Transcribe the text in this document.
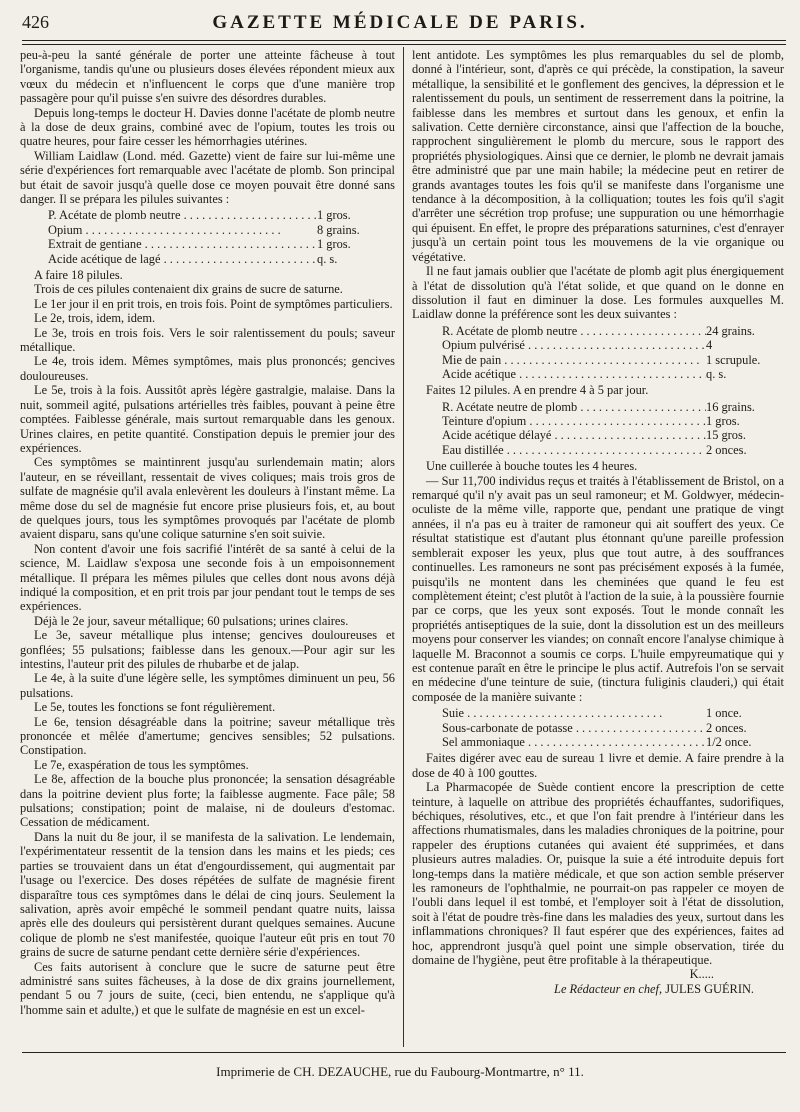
426	GAZETTE MÉDICALE DE PARIS.

peu-à-peu la santé générale de porter une atteinte fâcheuse à tout l'organisme, tandis qu'une ou plusieurs doses élevées répondent mieux aux vœux du médecin et n'influencent le corps que d'une manière trop passagère pour qu'il puisse s'en suivre des désordres durables.

Depuis long-temps le docteur H. Davies donne l'acétate de plomb neutre à la dose de deux grains, combiné avec de l'opium, toutes les trois ou quatre heures, pour faire cesser les hémorrhagies utérines.

William Laidlaw (Lond. méd. Gazette) vient de faire sur lui-même une série d'expériences fort remarquable avec l'acétate de plomb. Son principal but était de savoir jusqu'à quelle dose ce moyen pouvait être donné sans danger. Il se prépara les pilules suivantes :

P. Acétate de plomb neutre . . .	1 gros.
Opium . . .	8 grains.
Extrait de gentiane . . .	1 gros.
Acide acétique de lagé . . .	q. s.

A faire 18 pilules.

Trois de ces pilules contenaient dix grains de sucre de saturne.

Le 1er jour il en prit trois, en trois fois. Point de symptômes particuliers.

Le 2e, trois, idem, idem.

Le 3e, trois en trois fois. Vers le soir ralentissement du pouls; saveur métallique.

Le 4e, trois idem. Mêmes symptômes, mais plus prononcés; gencives douloureuses.

Le 5e, trois à la fois. Aussitôt après légère gastralgie, malaise. Dans la nuit, sommeil agité, pulsations artérielles très faibles, pouvant à peine être comptées. Faiblesse générale, mais surtout remarquable dans les genoux. Urines claires, en petite quantité. Constipation depuis le premier jour des expériences.

Ces symptômes se maintinrent jusqu'au surlendemain matin; alors l'auteur, en se réveillant, ressentait de vives coliques; mais trois gros de sulfate de magnésie qu'il avala enlevèrent les douleurs à l'instant même. La même dose du sel de magnésie fut encore prise plusieurs fois, et, au bout de quelques jours, tous les symptômes provoqués par l'acétate de plomb avaient disparu, sans qu'une colique saturnine s'en soit suivie.

Non content d'avoir une fois sacrifié l'intérêt de sa santé à celui de la science, M. Laidlaw s'exposa une seconde fois à un empoisonnement métallique. Il prépara les mêmes pilules que celles dont nous avons déjà indiqué la composition, et en prit trois par jour pendant tout le temps de ses expériences.

Déjà le 2e jour, saveur métallique; 60 pulsations; urines claires.

Le 3e, saveur métallique plus intense; gencives douloureuses et gonflées; 55 pulsations; faiblesse dans les genoux.—Pour agir sur les intestins, l'auteur prit des pilules de rhubarbe et de jalap.

Le 4e, à la suite d'une légère selle, les symptômes diminuent un peu, 56 pulsations.

Le 5e, toutes les fonctions se font régulièrement.

Le 6e, tension désagréable dans la poitrine; saveur métallique très prononcée et mêlée d'amertume; gencives sensibles; 52 pulsations. Constipation.

Le 7e, exaspération de tous les symptômes.

Le 8e, affection de la bouche plus prononcée; la sensation désagréable dans la poitrine devient plus forte; la faiblesse augmente. Face pâle; 58 pulsations; constipation; point de malaise, ni de douleurs d'estomac. Cessation de médicament.

Dans la nuit du 8e jour, il se manifesta de la salivation. Le lendemain, l'expérimentateur ressentit de la tension dans les mains et les pieds; ces parties se trouvaient dans un état d'engourdissement, qui augmentait par l'usage ou l'exercice. Des doses répétées de sulfate de magnésie firent disparaître tous ces symptômes dans le délai de cinq jours. Seulement la salivation, après avoir empêché le sommeil pendant quatre nuits, laissa après elle des douleurs qui persistèrent durant quelques semaines. Aucune colique de plomb ne s'est manifestée, quoique l'auteur eût pris en tout 70 grains de sucre de saturne pendant cette dernière série d'expériences.

Ces faits autorisent à conclure que le sucre de saturne peut être administré sans suites fâcheuses, à la dose de dix grains journellement, pendant 5 ou 7 jours de suite, (ceci, bien entendu, ne s'applique qu'à l'homme sain et adulte,) et que le sulfate de magnésie en est un excel-

lent antidote. Les symptômes les plus remarquables du sel de plomb, donné à l'intérieur, sont, d'après ce qui précède, la constipation, la saveur métallique, la sensibilité et le gonflement des gencives, la dépression et le ralentissement du pouls, un sentiment de resserrement dans la poitrine, la faiblesse dans les membres et surtout dans les genoux, et enfin la salivation. Cette dernière circonstance, ainsi que l'affection de la bouche, rapprochent singulièrement le plomb du mercure, sous le rapport des propriétés physiologiques. Ainsi que ce dernier, le plomb ne devrait jamais être administré que par une main habile; la médecine peut en retirer de grands avantages toutes les fois qu'il se manifeste dans l'organisme une tendance à la décomposition, à la colliquation; toutes les fois qu'il s'agit d'arrêter une sécrétion trop profuse; une suppuration ou une hémorrhagie qui épuisent. En effet, le propre des préparations saturnines, c'est d'enrayer jusqu'à un certain point tous les mouvemens de la vie organique ou végétative.

Il ne faut jamais oublier que l'acétate de plomb agit plus énergiquement à l'état de dissolution qu'à l'état solide, et que quand on le donne en dissolution il faut en diminuer la dose. Les formules auxquelles M. Laidlaw donne la préférence sont les deux suivantes :

R. Acétate de plomb neutre . . .	24 grains.
Opium pulvérisé . . .	4
Mie de pain . . .	1 scrupule.
Acide acétique . . .	q. s.

Faites 12 pilules. A en prendre 4 à 5 par jour.

R. Acétate neutre de plomb . . .	16 grains.
Teinture d'opium . . .	1 gros.
Acide acétique délayé . . .	15 gros.
Eau distillée . . .	2 onces.

Une cuillerée à bouche toutes les 4 heures.

— Sur 11,700 individus reçus et traités à l'établissement de Bristol, on a remarqué qu'il n'y avait pas un seul ramoneur; et M. Goldwyer, médecin-oculiste de la même ville, rapporte que, pendant une pratique de vingt années, il n'a pas eu à traiter de ramoneur qui ait souffert des yeux. Ce résultat statistique est d'autant plus étonnant qu'une pareille profession semblerait exposer les yeux, plus que tout autre, à des souffrances continuelles. Les ramoneurs ne sont pas précisément exposés à la fumée, puisqu'ils ne montent dans les cheminées que quand le feu est complètement éteint; c'est plutôt à l'action de la suie, à la poussière fournie par ce corps, que les yeux sont exposés. Tout le monde connaît les propriétés antiseptiques de la suie, dont la dissolution est un des meilleurs moyens pour conserver les viandes; on connaît encore l'analyse chimique à laquelle M. Braconnot a soumis ce corps. L'huile empyreumatique qui y est contenue paraît en être le principe le plus actif. Autrefois l'on se servait en médecine d'une teinture de suie, (tinctura fuliginis clauderi,) qui était composée de la manière suivante :

Suie . . .	1 once.
Sous-carbonate de potasse . . .	2 onces.
Sel ammoniaque . . .	1/2 once.

Faites digérer avec eau de sureau 1 livre et demie. A faire prendre à la dose de 40 à 100 gouttes.

La Pharmacopée de Suède contient encore la prescription de cette teinture, à laquelle on attribue des propriétés échauffantes, sudorifiques, béchiques, résolutives, etc., et que l'on fait prendre à l'intérieur dans les affections rhumatismales, dans les maladies chroniques de la poitrine, pour rappeler des éruptions cutanées qui avaient été supprimées, et dans plusieurs autres maladies. Or, puisque la suie a été introduite depuis fort long-temps dans la matière médicale, et que son action semble préserver les ramoneurs de l'ophthalmie, ne pourrait-on pas rappeler ce moyen de l'oubli dans lequel il est tombé, et l'employer soit à l'état de dissolution, soit à l'état de poudre très-fine dans les maladies des yeux, surtout dans les inflammations chroniques? Il faut espérer que des expériences, faites ad hoc, apprendront jusqu'à quel point une simple observation, tirée du domaine de l'hygiène, peut être profitable à la thérapeutique.

K.....

Le Rédacteur en chef, JULES GUÉRIN.

Imprimerie de CH. DEZAUCHE, rue du Faubourg-Montmartre, n° 11.
